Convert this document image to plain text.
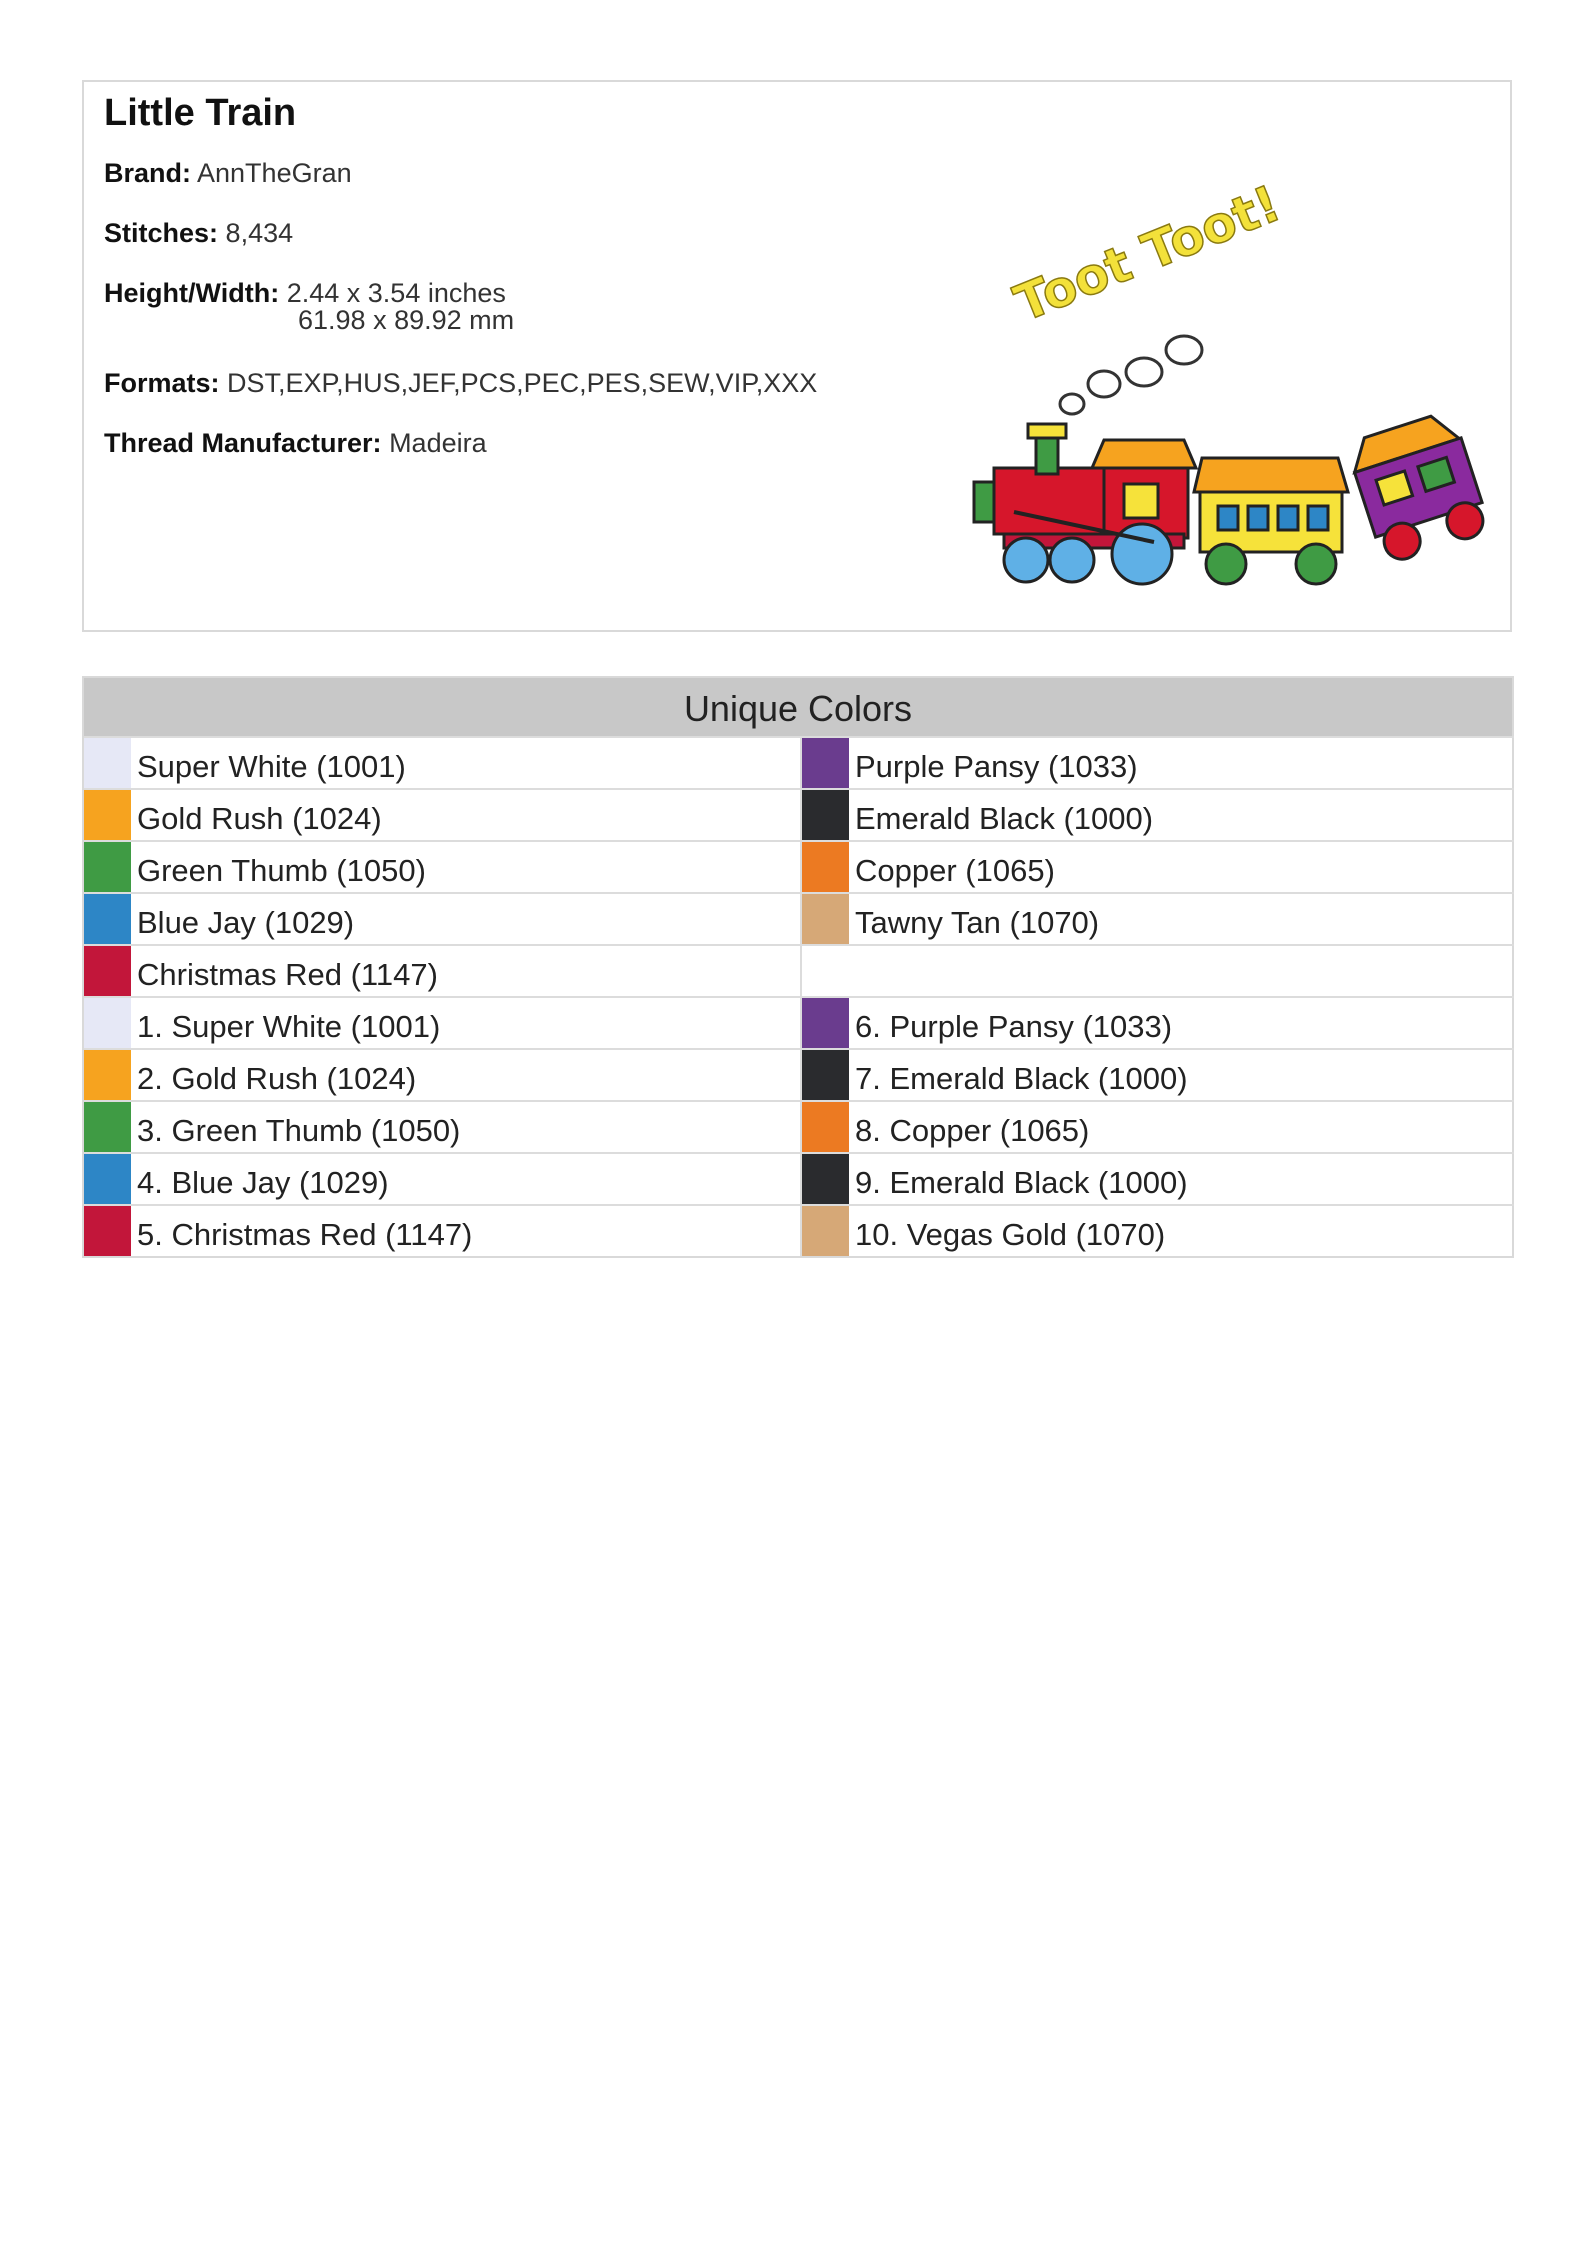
Little Train
Brand: AnnTheGran
Stitches: 8,434
Height/Width: 2.44 x 3.54 inches
61.98 x 89.92 mm
Formats: DST,EXP,HUS,JEF,PCS,PEC,PES,SEW,VIP,XXX
Thread Manufacturer: Madeira
Toot Toot!
Unique Colors
Super White (1001)	Purple Pansy (1033)
Gold Rush (1024)	Emerald Black (1000)
Green Thumb (1050)	Copper (1065)
Blue Jay (1029)	Tawny Tan (1070)
Christmas Red (1147)
1. Super White (1001)	6. Purple Pansy (1033)
2. Gold Rush (1024)	7. Emerald Black (1000)
3. Green Thumb (1050)	8. Copper (1065)
4. Blue Jay (1029)	9. Emerald Black (1000)
5. Christmas Red (1147)	10. Vegas Gold (1070)
